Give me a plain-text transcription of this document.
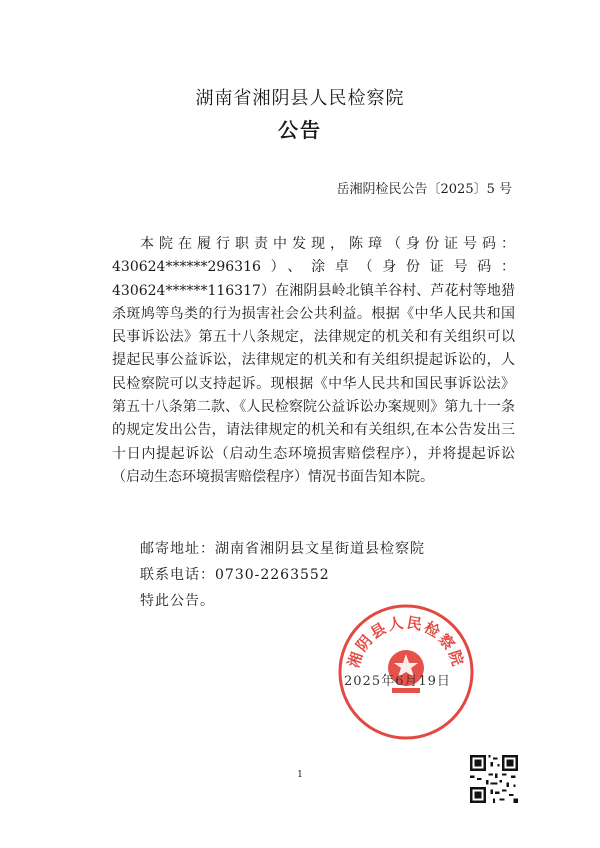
湖南省湘阴县人民检察院
公告
岳湘阴检民公告〔2025〕5 号
本院在履行职责中发现，陈璋（身份证号码：430624******296316）、涂卓（身份证号码：430624******116317）在湘阴县岭北镇羊谷村、芦花村等地猎杀斑鸠等鸟类的行为损害社会公共利益。根据《中华人民共和国民事诉讼法》第五十八条规定，法律规定的机关和有关组织可以提起民事公益诉讼，法律规定的机关和有关组织提起诉讼的，人民检察院可以支持起诉。现根据《中华人民共和国民事诉讼法》第五十八条第二款、《人民检察院公益诉讼办案规则》第九十一条的规定发出公告，请法律规定的机关和有关组织,在本公告发出三十日内提起诉讼（启动生态环境损害赔偿程序），并将提起诉讼（启动生态环境损害赔偿程序）情况书面告知本院。
邮寄地址：湖南省湘阴县文星街道县检察院
联系电话：0730-2263552
特此公告。
湘阴县人民检察院
2025年6月19日
1
